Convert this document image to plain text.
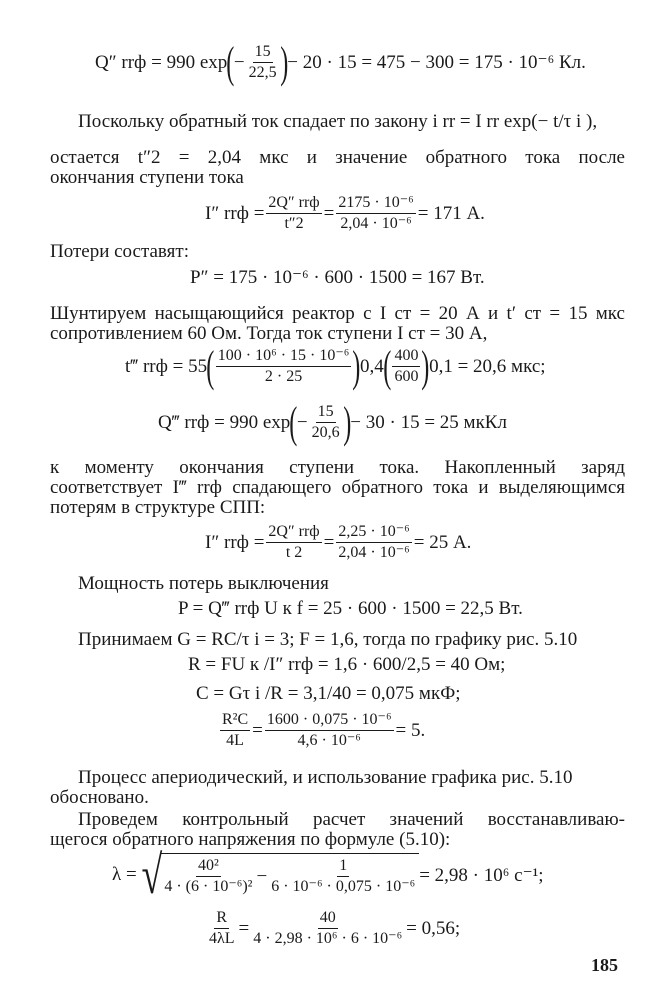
Q″ rrф = 990 exp ( − $\frac{15}{22,5}$ ) − 20 · 15 = 475 − 300 = 175 · 10⁻⁶ Кл.
Поскольку обратный ток спадает по закону i rr = I rr exp(− t/τ i ),
остается t″2 = 2,04 мкс и значение обратного тока после
окончания ступени тока
I″ rrф = $\frac{\text{2Q″ rrф}}{t''2} = \frac{\text{2175 · 10⁻⁶}}{\text{2,04 · 10⁻⁶}} = 171$ А.
Потери составят:
P″ = 175 · 10⁻⁶ · 600 · 1500 = 167 Вт.
Шунтируем насыщающийся реактор с I ст = 20 А и t′ ст = 15 мкс
сопротивлением 60 Ом. Тогда ток ступени I ст = 30 А,
t‴ rrф = 55 ( $\frac{\text{100 · 10⁶ · 15 · 10⁻⁶}}{2 \cdot 25}$ ) 0,4 ( $\frac{400}{600}$ ) 0,1 = 20,6 мкс;
Q‴ rrф = 990 exp ( − $\frac{15}{20,6}$ ) − 30 · 15 = 25 мкКл
к моменту окончания ступени тока. Накопленный заряд
соответствует I‴ rrф спадающего обратного тока и выделяющимся
потерям в структуре СПП:
I″ rrф = $\frac{\text{2Q″ rrф}}{t 2} = \frac{\text{2,25 · 10⁻⁶}}{\text{2,04 · 10⁻⁶}} = 25$ А.
Мощность потерь выключения
P = Q‴ rrф U к f = 25 · 600 · 1500 = 22,5 Вт.
Принимаем G = RC/τ i = 3; F = 1,6, тогда по графику рис. 5.10
R = FU к /I″ rrф = 1,6 · 600/2,5 = 40 Ом;
C = Gτ i /R = 3,1/40 = 0,075 мкФ;
$\frac{\text{R²C}}{4L} = \frac{\text{1600 · 0,075 · 10⁻⁶}}{\text{4,6 · 10⁻⁶}} = 5$.
Процесс апериодический, и использование графика рис. 5.10
обосновано.
Проведем контрольный расчет значений восстанавливаю-
щегося обратного напряжения по формуле (5.10):
λ = √ $\frac{\text{40²}}{\text{4 · (6 · 10⁻⁶)²}} - \frac{1}{\text{6 · 10⁻⁶ · 0,075 · 10⁻⁶}} = 2,98 \cdot 10^6$ с⁻¹;
$\frac{R}{4\lambda L} = \frac{40}{\text{4 · 2,98 · 10⁶ · 6 · 10⁻⁶}} = 0,56$;
185
